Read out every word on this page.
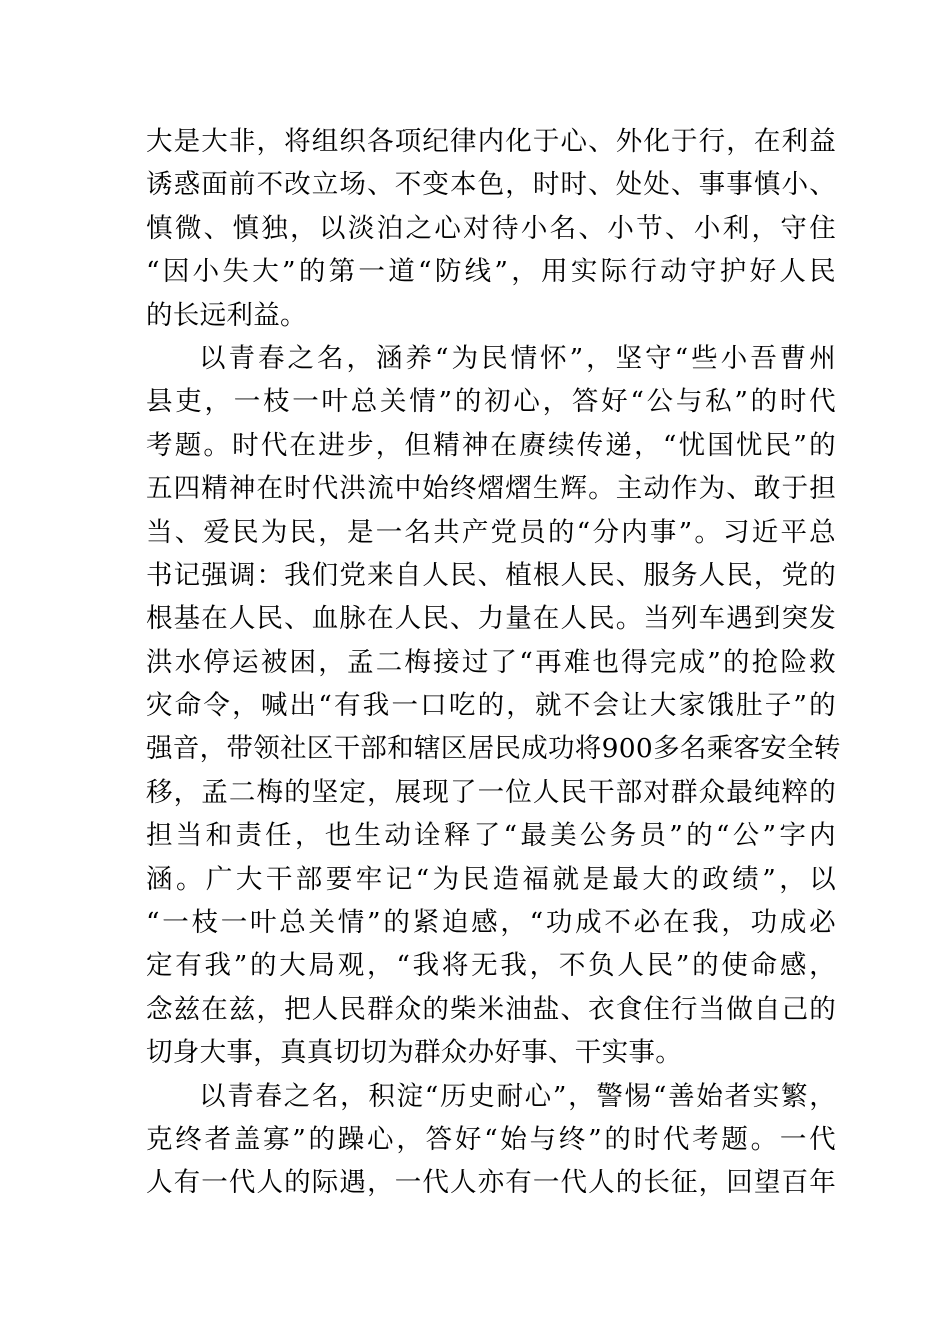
大是大非，将组织各项纪律内化于心、外化于行，在利益
诱惑面前不改立场、不变本色，时时、处处、事事慎小、
慎微、慎独，以淡泊之心对待小名、小节、小利，守住
“因小失大”的第一道“防线”，用实际行动守护好人民
的长远利益。
以青春之名，涵养“为民情怀”，坚守“些小吾曹州
县吏，一枝一叶总关情”的初心，答好“公与私”的时代
考题。时代在进步，但精神在赓续传递，“忧国忧民”的
五四精神在时代洪流中始终熠熠生辉。主动作为、敢于担
当、爱民为民，是一名共产党员的“分内事”。习近平总
书记强调：我们党来自人民、植根人民、服务人民，党的
根基在人民、血脉在人民、力量在人民。当列车遇到突发
洪水停运被困，孟二梅接过了“再难也得完成”的抢险救
灾命令，喊出“有我一口吃的，就不会让大家饿肚子”的
强音，带领社区干部和辖区居民成功将900多名乘客安全转
移，孟二梅的坚定，展现了一位人民干部对群众最纯粹的
担当和责任，也生动诠释了“最美公务员”的“公”字内
涵。广大干部要牢记“为民造福就是最大的政绩”，以
“一枝一叶总关情”的紧迫感，“功成不必在我，功成必
定有我”的大局观，“我将无我，不负人民”的使命感，
念兹在兹，把人民群众的柴米油盐、衣食住行当做自己的
切身大事，真真切切为群众办好事、干实事。
以青春之名，积淀“历史耐心”，警惕“善始者实繁，
克终者盖寡”的躁心，答好“始与终”的时代考题。一代
人有一代人的际遇，一代人亦有一代人的长征，回望百年
